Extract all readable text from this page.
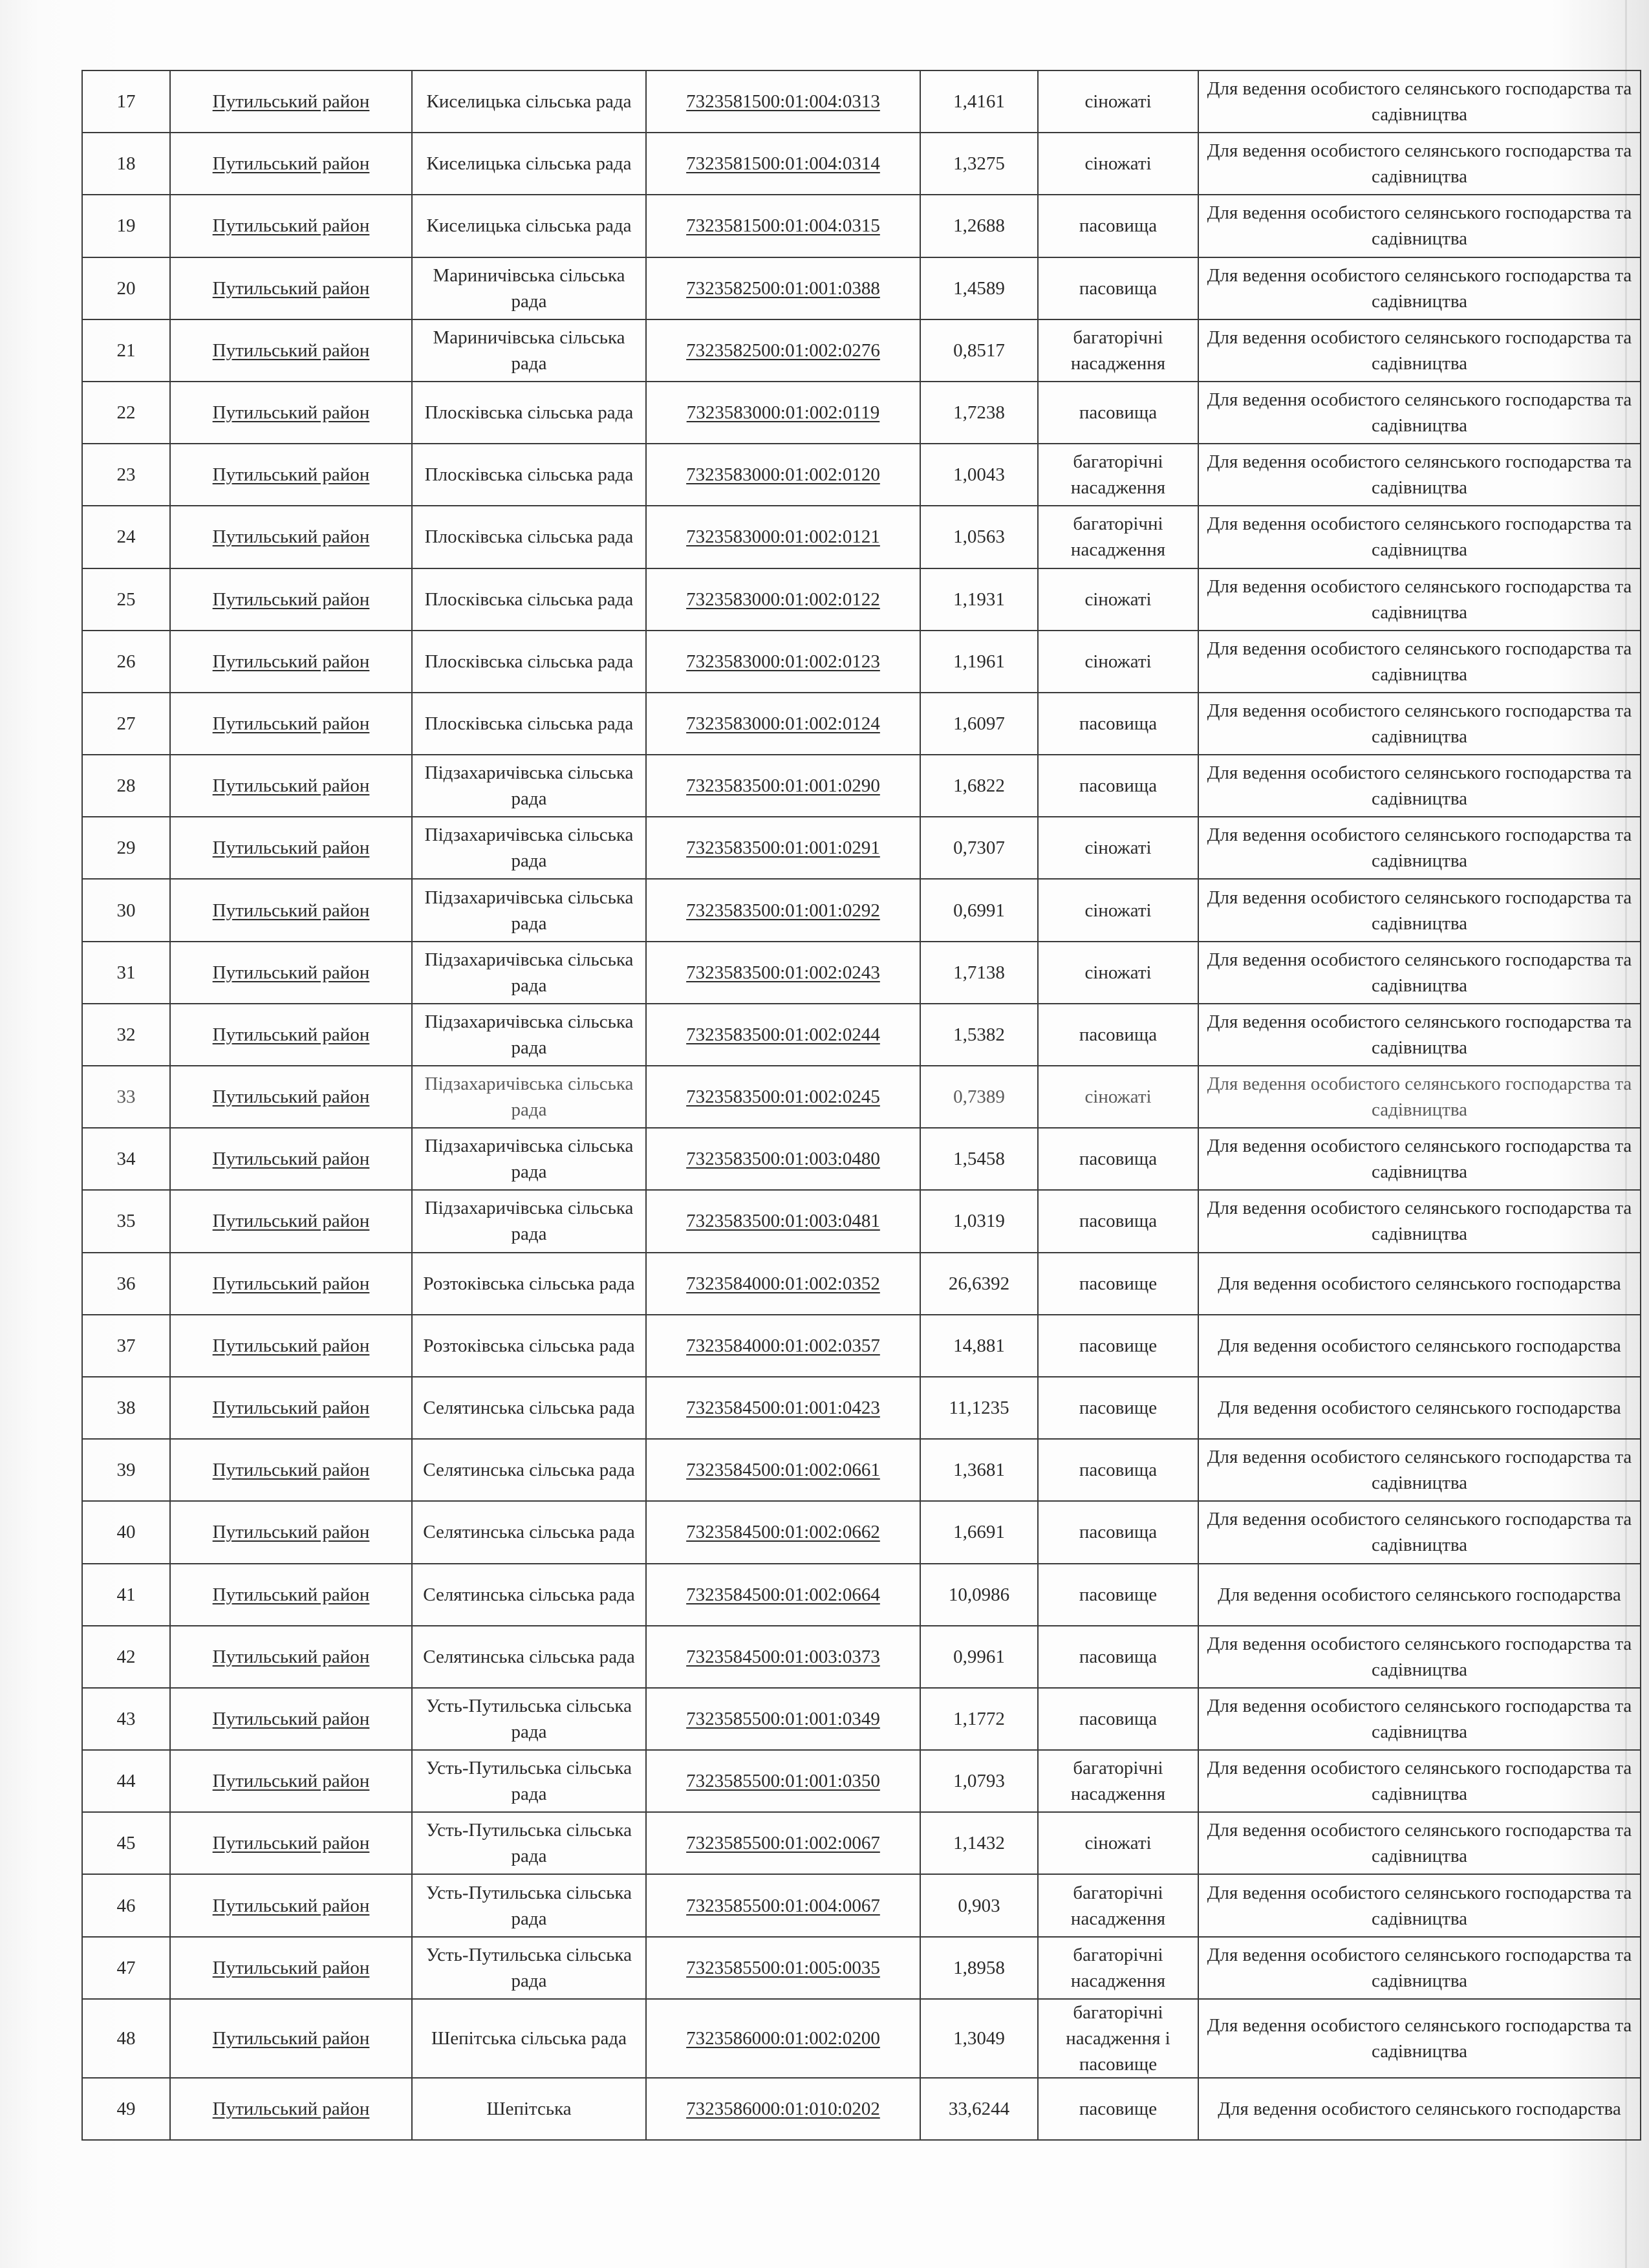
17	Путильський район	Киселицька сільська рада	7323581500:01:004:0313	1,4161	сіножаті	Для ведення особистого селянського господарства та садівництва
18	Путильський район	Киселицька сільська рада	7323581500:01:004:0314	1,3275	сіножаті	Для ведення особистого селянського господарства та садівництва
19	Путильський район	Киселицька сільська рада	7323581500:01:004:0315	1,2688	пасовища	Для ведення особистого селянського господарства та садівництва
20	Путильський район	Мариничівська сільська рада	7323582500:01:001:0388	1,4589	пасовища	Для ведення особистого селянського господарства та садівництва
21	Путильський район	Мариничівська сільська рада	7323582500:01:002:0276	0,8517	багаторічні насадження	Для ведення особистого селянського господарства та садівництва
22	Путильський район	Плосківська сільська рада	7323583000:01:002:0119	1,7238	пасовища	Для ведення особистого селянського господарства та садівництва
23	Путильський район	Плосківська сільська рада	7323583000:01:002:0120	1,0043	багаторічні насадження	Для ведення особистого селянського господарства та садівництва
24	Путильський район	Плосківська сільська рада	7323583000:01:002:0121	1,0563	багаторічні насадження	Для ведення особистого селянського господарства та садівництва
25	Путильський район	Плосківська сільська рада	7323583000:01:002:0122	1,1931	сіножаті	Для ведення особистого селянського господарства та садівництва
26	Путильський район	Плосківська сільська рада	7323583000:01:002:0123	1,1961	сіножаті	Для ведення особистого селянського господарства та садівництва
27	Путильський район	Плосківська сільська рада	7323583000:01:002:0124	1,6097	пасовища	Для ведення особистого селянського господарства та садівництва
28	Путильський район	Підзахаричівська сільська рада	7323583500:01:001:0290	1,6822	пасовища	Для ведення особистого селянського господарства та садівництва
29	Путильський район	Підзахаричівська сільська рада	7323583500:01:001:0291	0,7307	сіножаті	Для ведення особистого селянського господарства та садівництва
30	Путильський район	Підзахаричівська сільська рада	7323583500:01:001:0292	0,6991	сіножаті	Для ведення особистого селянського господарства та садівництва
31	Путильський район	Підзахаричівська сільська рада	7323583500:01:002:0243	1,7138	сіножаті	Для ведення особистого селянського господарства та садівництва
32	Путильський район	Підзахаричівська сільська рада	7323583500:01:002:0244	1,5382	пасовища	Для ведення особистого селянського господарства та садівництва
33	Путильський район	Підзахаричівська сільська рада	7323583500:01:002:0245	0,7389	сіножаті	Для ведення особистого селянського господарства та садівництва
34	Путильський район	Підзахаричівська сільська рада	7323583500:01:003:0480	1,5458	пасовища	Для ведення особистого селянського господарства та садівництва
35	Путильський район	Підзахаричівська сільська рада	7323583500:01:003:0481	1,0319	пасовища	Для ведення особистого селянського господарства та садівництва
36	Путильський район	Розтоківська сільська рада	7323584000:01:002:0352	26,6392	пасовище	Для ведення особистого селянського господарства
37	Путильський район	Розтоківська сільська рада	7323584000:01:002:0357	14,881	пасовище	Для ведення особистого селянського господарства
38	Путильський район	Селятинська сільська рада	7323584500:01:001:0423	11,1235	пасовище	Для ведення особистого селянського господарства
39	Путильський район	Селятинська сільська рада	7323584500:01:002:0661	1,3681	пасовища	Для ведення особистого селянського господарства та садівництва
40	Путильський район	Селятинська сільська рада	7323584500:01:002:0662	1,6691	пасовища	Для ведення особистого селянського господарства та садівництва
41	Путильський район	Селятинська сільська рада	7323584500:01:002:0664	10,0986	пасовище	Для ведення особистого селянського господарства
42	Путильський район	Селятинська сільська рада	7323584500:01:003:0373	0,9961	пасовища	Для ведення особистого селянського господарства та садівництва
43	Путильський район	Усть-Путильська сільська рада	7323585500:01:001:0349	1,1772	пасовища	Для ведення особистого селянського господарства та садівництва
44	Путильський район	Усть-Путильська сільська рада	7323585500:01:001:0350	1,0793	багаторічні насадження	Для ведення особистого селянського господарства та садівництва
45	Путильський район	Усть-Путильська сільська рада	7323585500:01:002:0067	1,1432	сіножаті	Для ведення особистого селянського господарства та садівництва
46	Путильський район	Усть-Путильська сільська рада	7323585500:01:004:0067	0,903	багаторічні насадження	Для ведення особистого селянського господарства та садівництва
47	Путильський район	Усть-Путильська сільська рада	7323585500:01:005:0035	1,8958	багаторічні насадження	Для ведення особистого селянського господарства та садівництва
48	Путильський район	Шепітська сільська рада	7323586000:01:002:0200	1,3049	багаторічні насадження і пасовище	Для ведення особистого селянського господарства та садівництва
49	Путильський район	Шепітська	7323586000:01:010:0202	33,6244	пасовище	Для ведення особистого селянського господарства
